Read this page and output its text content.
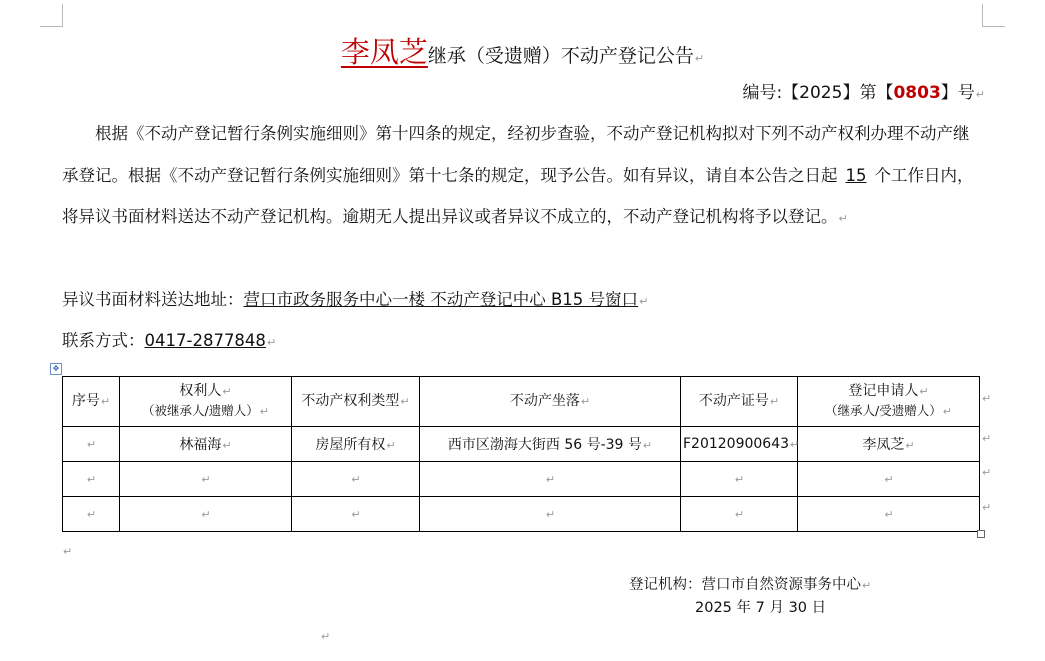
李凤芝继承（受遗赠）不动产登记公告↵
编号:【2025】第【0803】号↵
根据《不动产登记暂行条例实施细则》第十四条的规定，经初步查验，不动产登记机构拟对下列不动产权利办理不动产继承登记。根据《不动产登记暂行条例实施细则》第十七条的规定，现予公告。如有异议，请自本公告之日起 15 个工作日内，将异议书面材料送达不动产登记机构。逾期无人提出异议或者异议不成立的，不动产登记机构将予以登记。↵
异议书面材料送达地址：营口市政务服务中心一楼 不动产登记中心 B15 号窗口↵
联系方式：0417-2877848↵
✥
序号↵	权利人↵
（被继承人/遗赠人）↵	不动产权利类型↵	不动产坐落↵	不动产证号↵	登记申请人↵
（继承人/受遗赠人）↵
↵	林福海↵	房屋所有权↵	西市区渤海大街西 56 号-39 号↵	F20120900643↵	李凤芝↵
↵	↵	↵	↵	↵	↵
↵	↵	↵	↵	↵	↵
↵
↵
↵
↵
↵
登记机构：营口市自然资源事务中心↵
2025 年 7 月 30 日
↵
